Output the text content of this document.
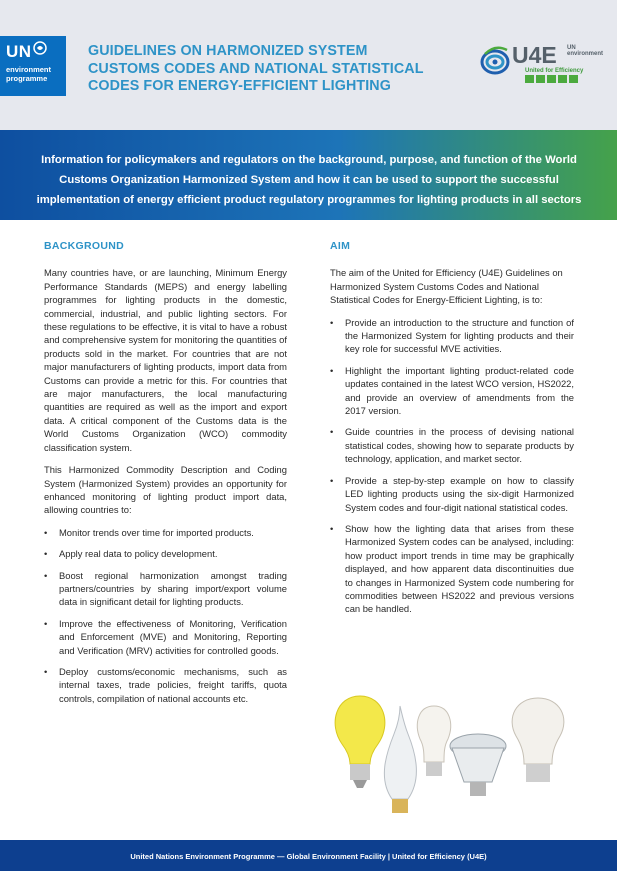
UN
environment
programme
GUIDELINES ON HARMONIZED SYSTEM
CUSTOMS CODES AND NATIONAL STATISTICAL
CODES FOR ENERGY-EFFICIENT LIGHTING
U4E UN
environment
United for Efficiency
Information for policymakers and regulators on the background, purpose, and function of the World Customs Organization Harmonized System and how it can be used to support the successful implementation of energy efficient product regulatory programmes for lighting products in all sectors
BACKGROUND

Many countries have, or are launching, Minimum Energy Performance Standards (MEPS) and energy labelling programmes for lighting products in the domestic, commercial, industrial, and public lighting sectors. For these regulations to be effective, it is vital to have a robust and comprehensive system for monitoring the quantities of products sold in the market. For countries that are not major manufacturers of lighting products, import data from Customs can provide a metric for this. For countries that are major manufacturers, the local manufacturing quantities are required as well as the import and export data. A critical component of the Customs data is the World Customs Organization (WCO) commodity classification system.

This Harmonized Commodity Description and Coding System (Harmonized System) provides an opportunity for enhanced monitoring of lighting product import data, allowing countries to:

• Monitor trends over time for imported products.
• Apply real data to policy development.
• Boost regional harmonization amongst trading partners/countries by sharing import/export volume data in significant detail for lighting products.
• Improve the effectiveness of Monitoring, Verification and Enforcement (MVE) and Monitoring, Reporting and Verification (MRV) activities for controlled goods.
• Deploy customs/economic mechanisms, such as internal taxes, trade policies, freight tariffs, quota controls, compilation of national accounts etc.
AIM

The aim of the United for Efficiency (U4E) Guidelines on Harmonized System Customs Codes and National Statistical Codes for Energy-Efficient Lighting, is to:

• Provide an introduction to the structure and function of the Harmonized System for lighting products and their key role for successful MVE activities.
• Highlight the important lighting product-related code updates contained in the latest WCO version, HS2022, and provide an overview of amendments from the 2017 version.
• Guide countries in the process of devising national statistical codes, showing how to separate products by technology, application, and market sector.
• Provide a step-by-step example on how to classify LED lighting products using the six-digit Harmonized System codes and four-digit national statistical codes.
• Show how the lighting data that arises from these Harmonized System codes can be analysed, including: how product import trends in time may be graphically displayed, and how apparent data discontinuities due to changes in Harmonized System code numbering for commodities between HS2022 and previous versions can be handled.
United Nations Environment Programme — Global Environment Facility | United for Efficiency (U4E)
